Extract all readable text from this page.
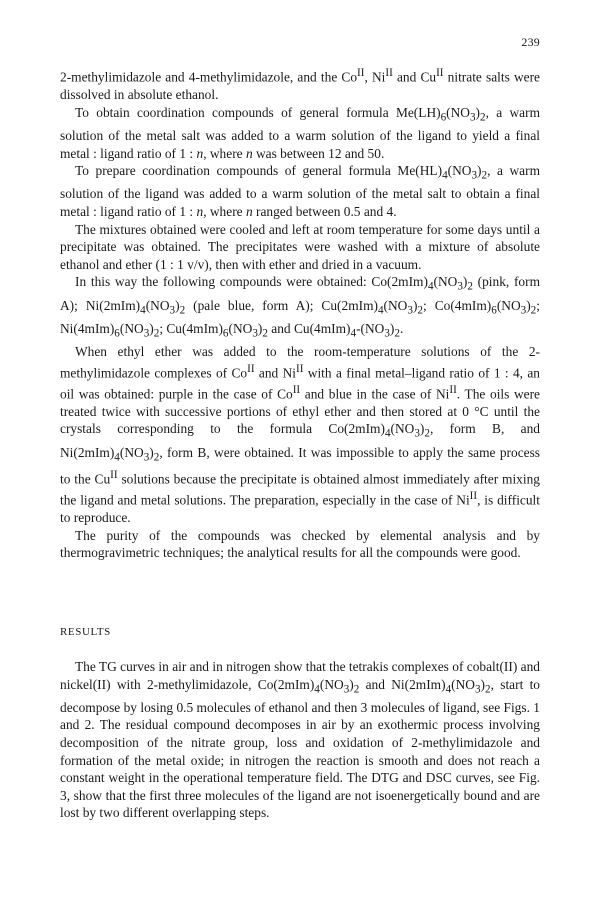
239

2-methylimidazole and 4-methylimidazole, and the $Co^{II}$, $Ni^{II}$ and $Cu^{II}$ nitrate salts were dissolved in absolute ethanol.

To obtain coordination compounds of general formula $Me(LH)_6(NO_3)_2$, a warm solution of the metal salt was added to a warm solution of the ligand to yield a final metal : ligand ratio of 1 : n, where n was between 12 and 50.

To prepare coordination compounds of general formula $Me(HL)_4(NO_3)_2$, a warm solution of the ligand was added to a warm solution of the metal salt to obtain a final metal : ligand ratio of 1 : n, where n ranged between 0.5 and 4.

The mixtures obtained were cooled and left at room temperature for some days until a precipitate was obtained. The precipitates were washed with a mixture of absolute ethanol and ether (1 : 1 v/v), then with ether and dried in a vacuum.

In this way the following compounds were obtained: $Co(2mIm)_4(NO_3)_2$ (pink, form A); $Ni(2mIm)_4(NO_3)_2$ (pale blue, form A); $Cu(2mIm)_4(NO_3)_2$; $Co(4mIm)_6(NO_3)_2$; $Ni(4mIm)_6(NO_3)_2$; $Cu(4mIm)_6(NO_3)_2$ and $Cu(4mIm)_4-(NO_3)_2$.

When ethyl ether was added to the room-temperature solutions of the 2-methylimidazole complexes of $Co^{II}$ and $Ni^{II}$ with a final metal–ligand ratio of 1 : 4, an oil was obtained: purple in the case of $Co^{II}$ and blue in the case of $Ni^{II}$. The oils were treated twice with successive portions of ethyl ether and then stored at 0 °C until the crystals corresponding to the formula $Co(2mIm)_4(NO_3)_2$, form B, and $Ni(2mIm)_4(NO_3)_2$, form B, were obtained. It was impossible to apply the same process to the $Cu^{II}$ solutions because the precipitate is obtained almost immediately after mixing the ligand and metal solutions. The preparation, especially in the case of $Ni^{II}$, is difficult to reproduce.

The purity of the compounds was checked by elemental analysis and by thermogravimetric techniques; the analytical results for all the compounds were good.

RESULTS

The TG curves in air and in nitrogen show that the tetrakis complexes of cobalt(II) and nickel(II) with 2-methylimidazole, $Co(2mIm)_4(NO_3)_2$ and $Ni(2mIm)_4(NO_3)_2$, start to decompose by losing 0.5 molecules of ethanol and then 3 molecules of ligand, see Figs. 1 and 2. The residual compound decomposes in air by an exothermic process involving decomposition of the nitrate group, loss and oxidation of 2-methylimidazole and formation of the metal oxide; in nitrogen the reaction is smooth and does not reach a constant weight in the operational temperature field. The DTG and DSC curves, see Fig. 3, show that the first three molecules of the ligand are not isoenergetically bound and are lost by two different overlapping steps.
